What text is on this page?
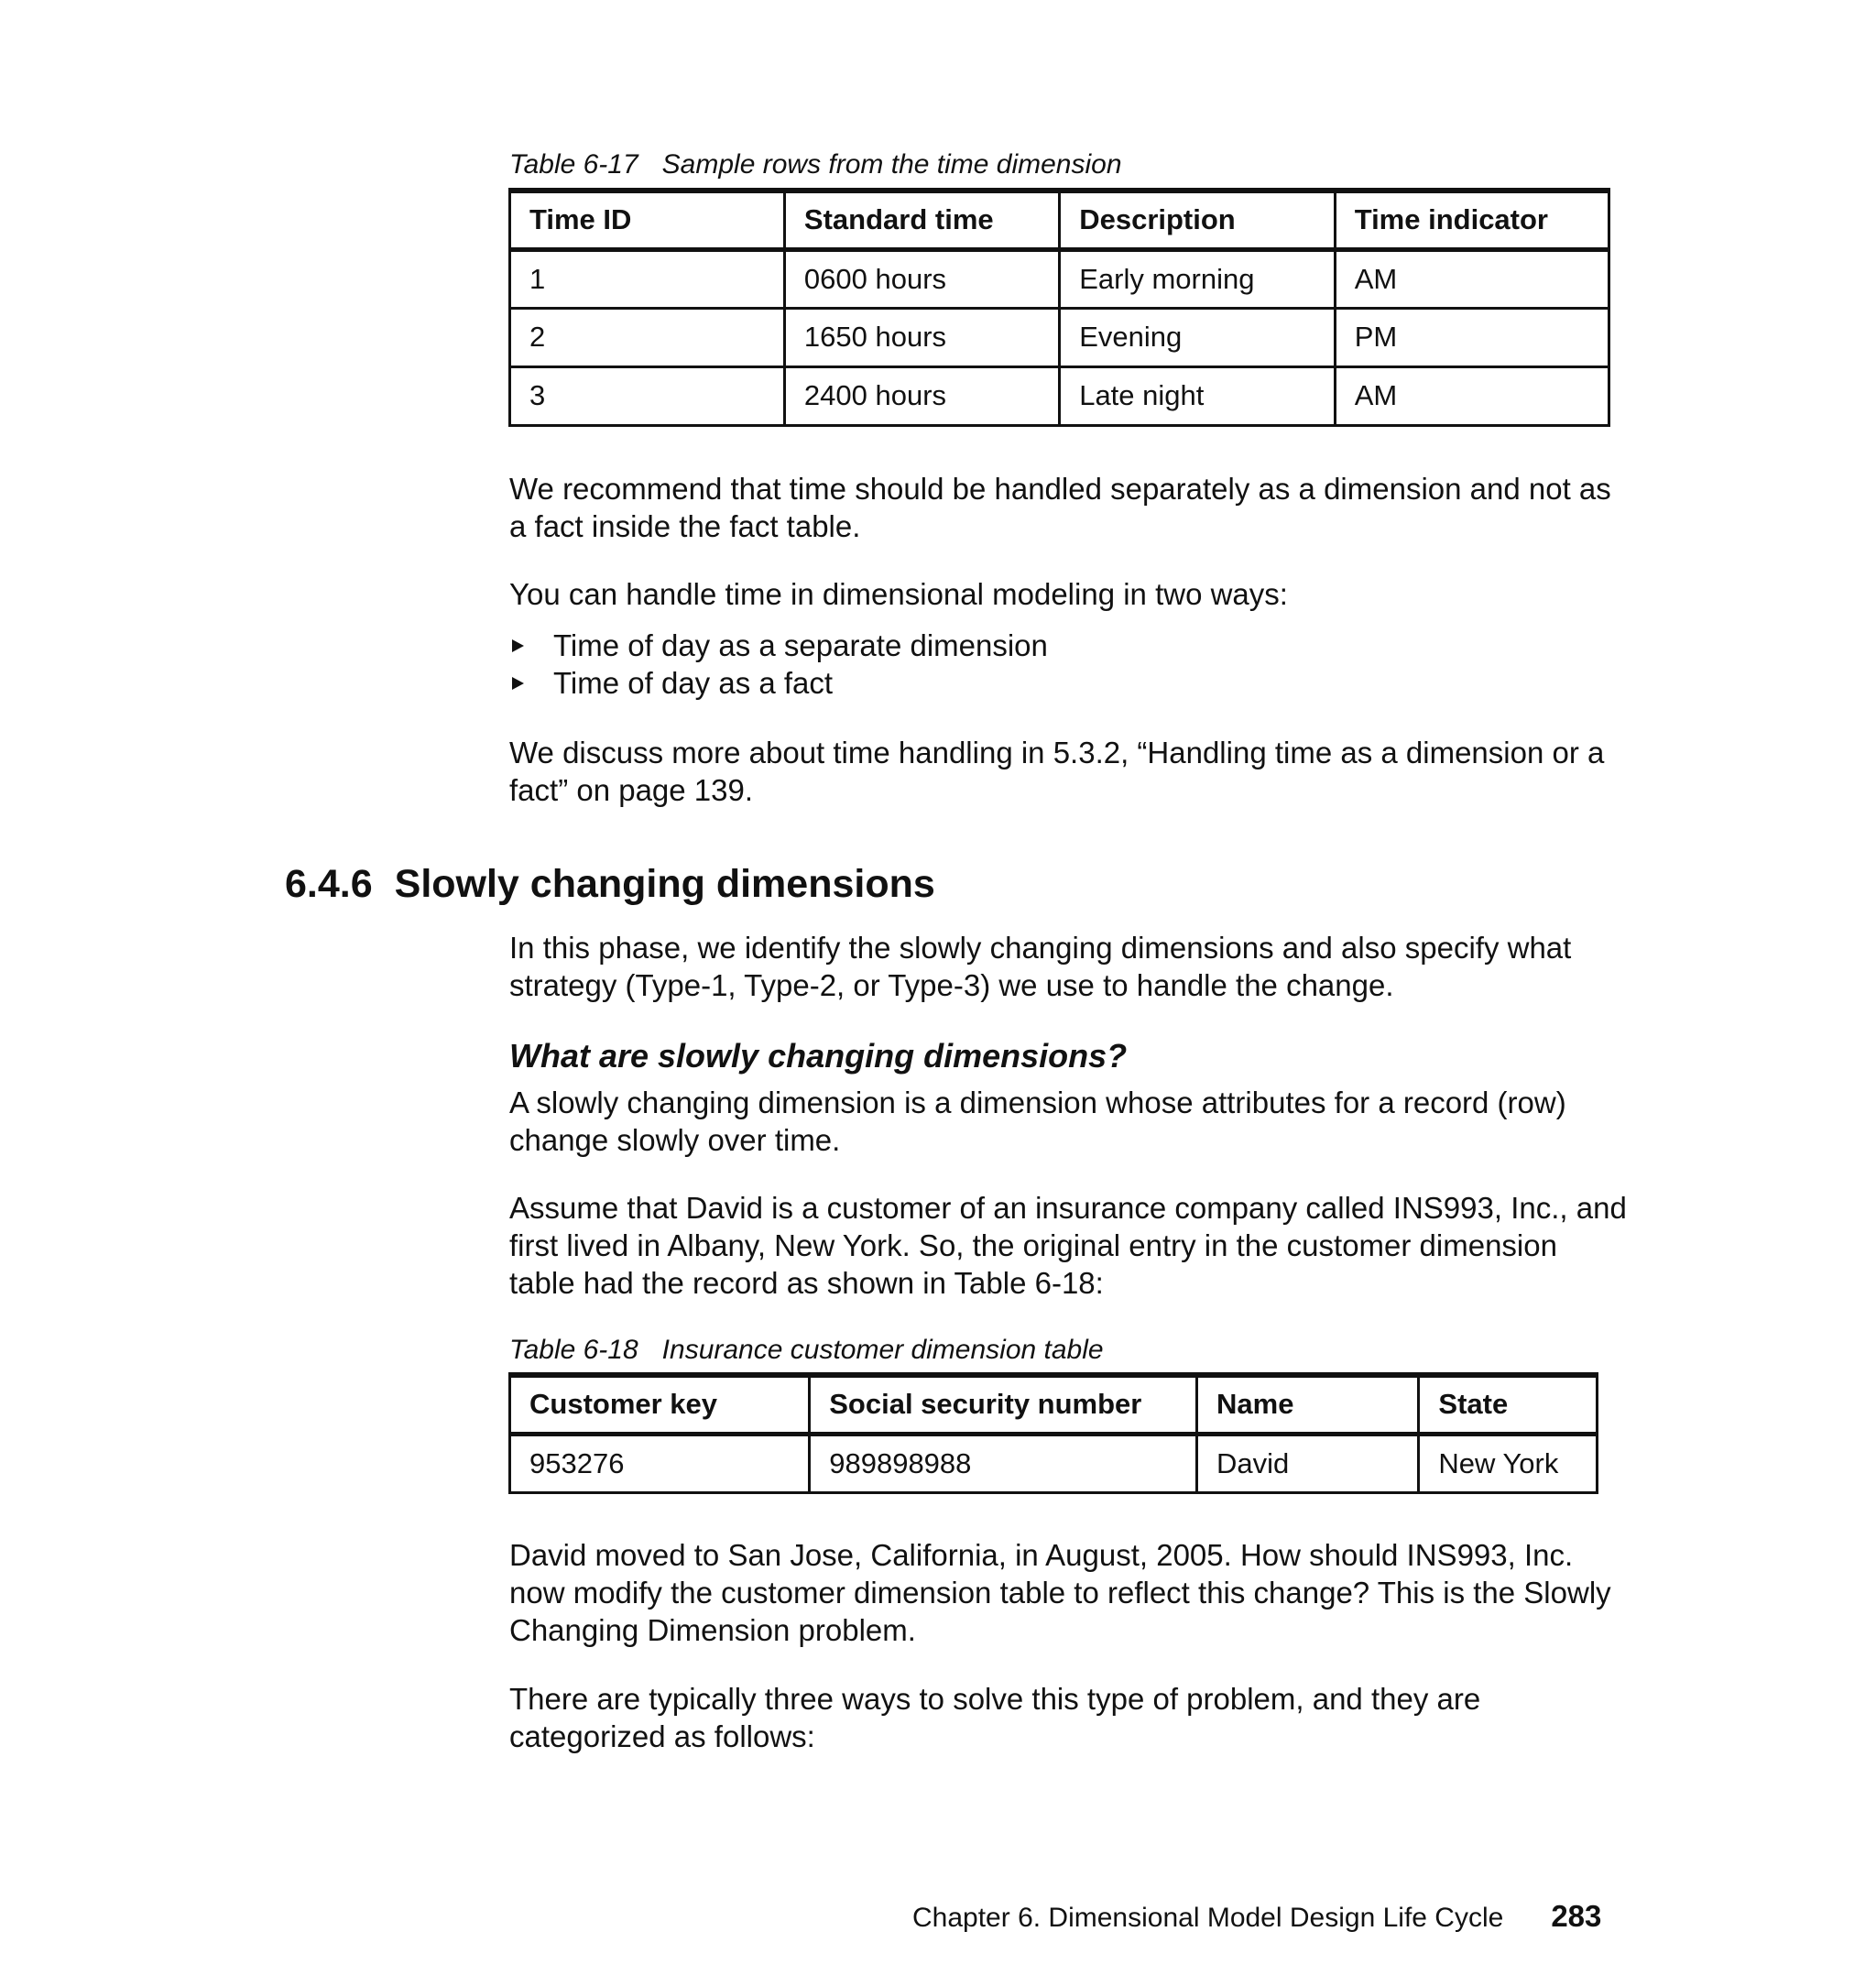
Table 6-17 Sample rows from the time dimension
Time ID	Standard time	Description	Time indicator
1	0600 hours	Early morning	AM
2	1650 hours	Evening	PM
3	2400 hours	Late night	AM

We recommend that time should be handled separately as a dimension and not as a fact inside the fact table.

You can handle time in dimensional modeling in two ways:

Time of day as a separate dimension
Time of day as a fact

We discuss more about time handling in 5.3.2, “Handling time as a dimension or a fact” on page 139.

6.4.6 Slowly changing dimensions

In this phase, we identify the slowly changing dimensions and also specify what strategy (Type-1, Type-2, or Type-3) we use to handle the change.

What are slowly changing dimensions?

A slowly changing dimension is a dimension whose attributes for a record (row) change slowly over time.

Assume that David is a customer of an insurance company called INS993, Inc., and first lived in Albany, New York. So, the original entry in the customer dimension table had the record as shown in Table 6-18:

Table 6-18 Insurance customer dimension table
Customer key	Social security number	Name	State
953276	989898988	David	New York

David moved to San Jose, California, in August, 2005. How should INS993, Inc. now modify the customer dimension table to reflect this change? This is the Slowly Changing Dimension problem.

There are typically three ways to solve this type of problem, and they are categorized as follows:

Chapter 6. Dimensional Model Design Life Cycle 283
